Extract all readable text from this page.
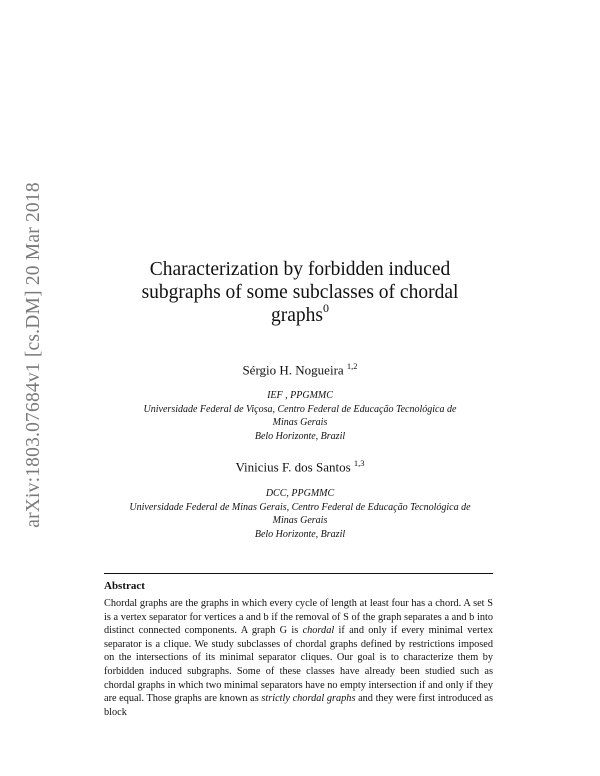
arXiv:1803.07684v1 [cs.DM] 20 Mar 2018	Characterization by forbidden induced
subgraphs of some subclasses of chordal
graphs$^0$
Sérgio H. Nogueira $^{1,2}$
IEF , PPGMMC
Universidade Federal de Viçosa, Centro Federal de Educação Tecnológica de
Minas Gerais
Belo Horizonte, Brazil
Vinicius F. dos Santos $^{1,3}$
DCC, PPGMMC
Universidade Federal de Minas Gerais, Centro Federal de Educação Tecnológica de
Minas Gerais
Belo Horizonte, Brazil
Abstract
Chordal graphs are the graphs in which every cycle of length at least four has a chord. A set S is a vertex separator for vertices a and b if the removal of S of the graph separates a and b into distinct connected components. A graph G is chordal if and only if every minimal vertex separator is a clique. We study subclasses of chordal graphs defined by restrictions imposed on the intersections of its minimal separator cliques. Our goal is to characterize them by forbidden induced subgraphs. Some of these classes have already been studied such as chordal graphs in which two minimal separators have no empty intersection if and only if they are equal. Those graphs are known as strictly chordal graphs and they were first introduced as block
